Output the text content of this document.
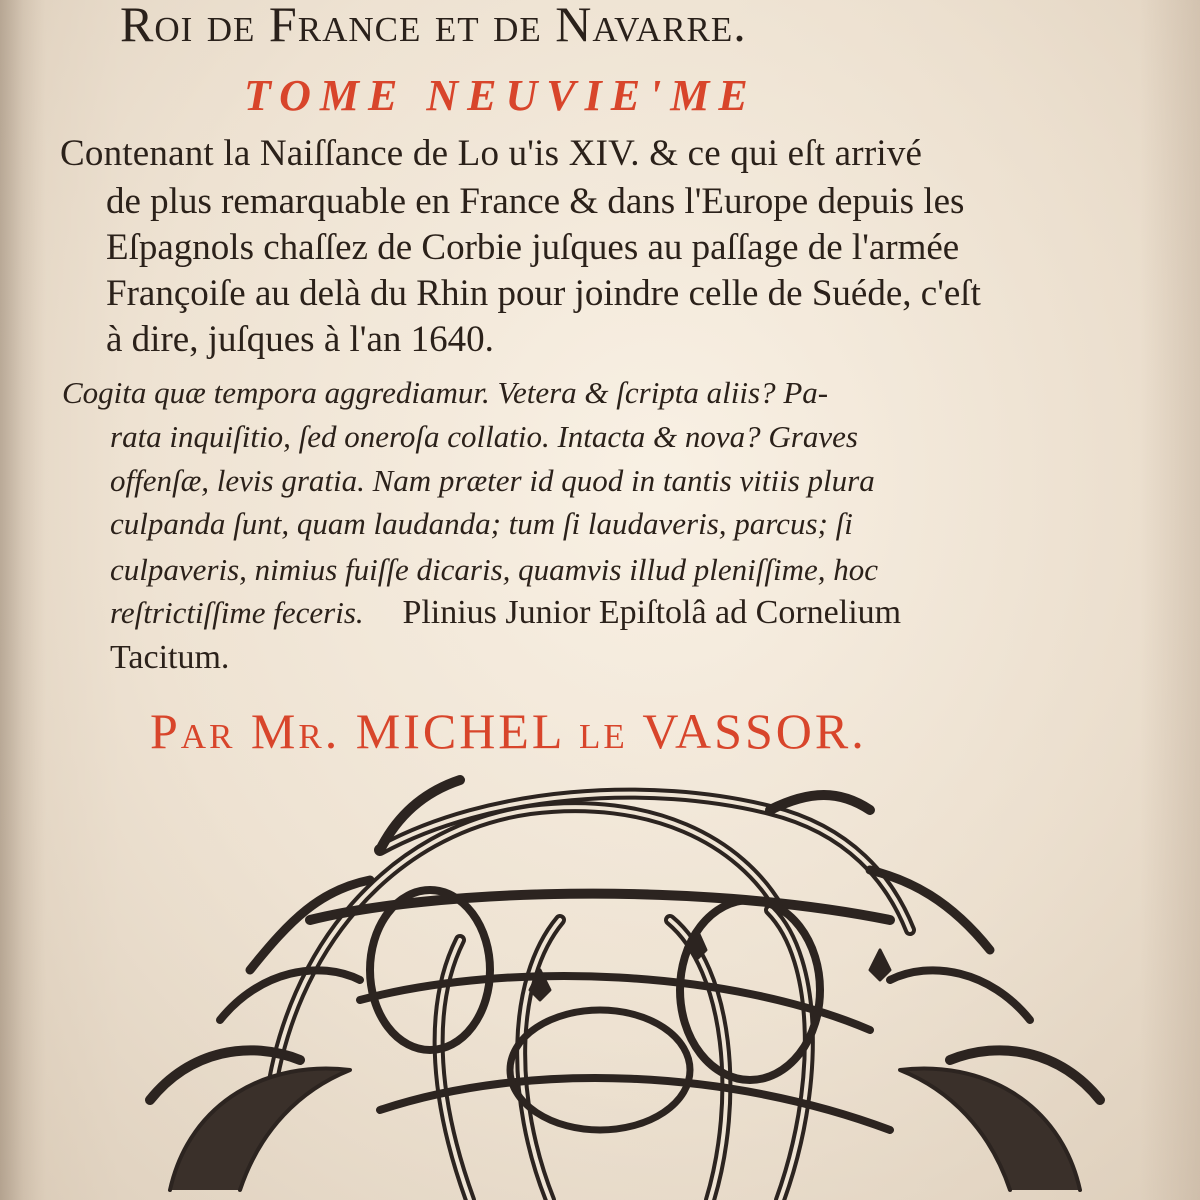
Roi de France et de Navarre.
TOME NEUVIE'ME
Contenant la Naiſſance de Lo u'is XIV. & ce qui eſt arrivé
de plus remarquable en France & dans l'Europe depuis les
Eſpagnols chaſſez de Corbie juſques au paſſage de l'armée
Françoiſe au delà du Rhin pour joindre celle de Suéde, c'eſt
à dire, juſques à l'an 1640.
Cogita quæ tempora aggrediamur. Vetera & ſcripta aliis? Pa-
rata inquiſitio, ſed oneroſa collatio. Intacta & nova? Graves
offenſæ, levis gratia. Nam præter id quod in tantis vitiis plura
culpanda ſunt, quam laudanda; tum ſi laudaveris, parcus; ſi
culpaveris, nimius fuiſſe dicaris, quamvis illud pleniſſime, hoc
reſtrictiſſime feceris. Plinius Junior Epiſtolâ ad Cornelium
Tacitum.
Par Mr. MICHEL le VASSOR.
